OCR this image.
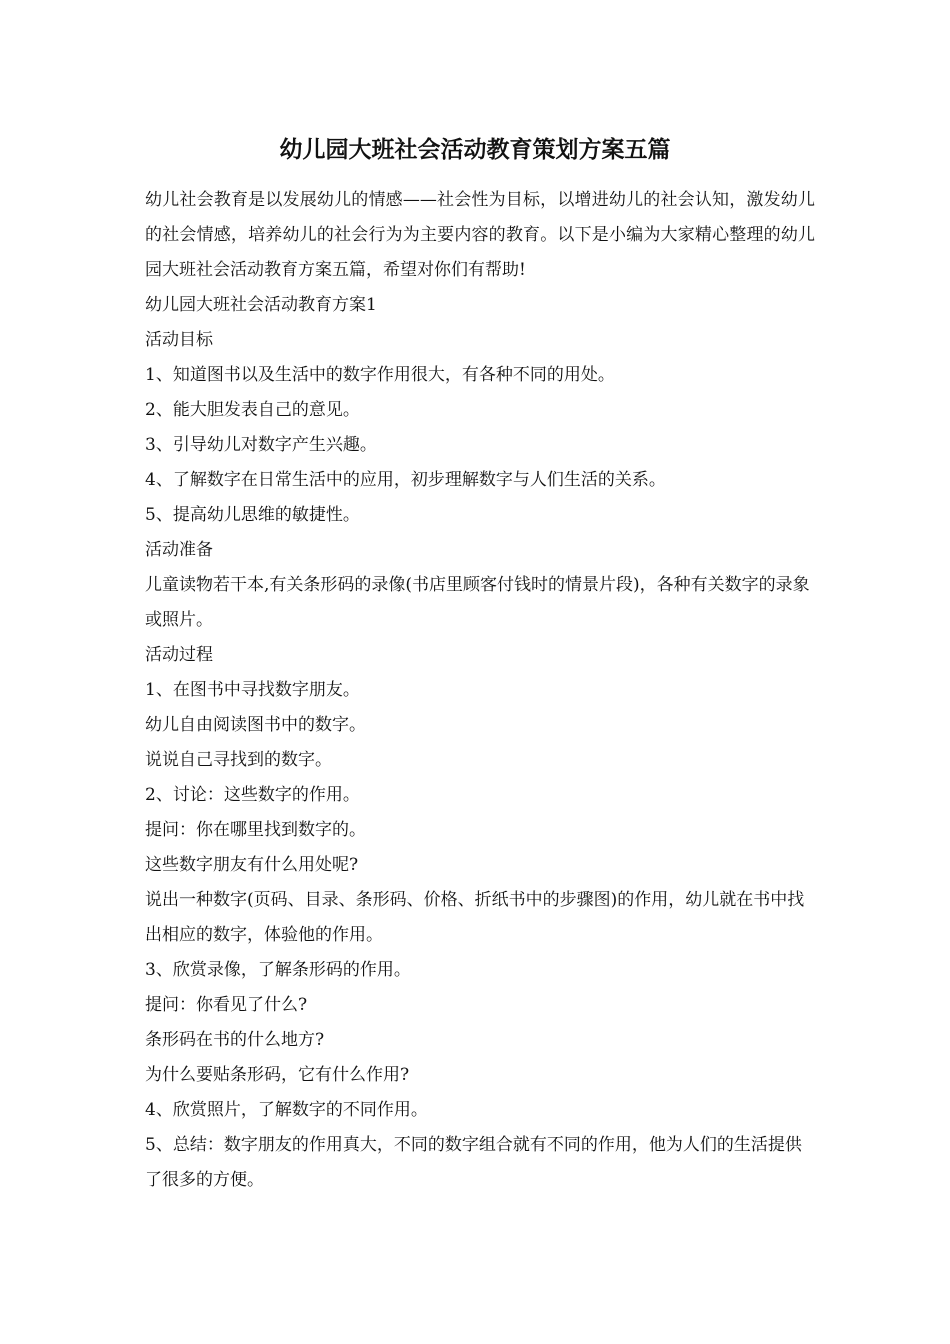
幼儿园大班社会活动教育策划方案五篇

幼儿社会教育是以发展幼儿的情感——社会性为目标，以增进幼儿的社会认知，激发幼儿的社会情感，培养幼儿的社会行为为主要内容的教育。以下是小编为大家精心整理的幼儿园大班社会活动教育方案五篇，希望对你们有帮助!

幼儿园大班社会活动教育方案1

活动目标

1、知道图书以及生活中的数字作用很大，有各种不同的用处。

2、能大胆发表自己的意见。

3、引导幼儿对数字产生兴趣。

4、了解数字在日常生活中的应用，初步理解数字与人们生活的关系。

5、提高幼儿思维的敏捷性。

活动准备

儿童读物若干本,有关条形码的录像(书店里顾客付钱时的情景片段)，各种有关数字的录象或照片。

活动过程

1、在图书中寻找数字朋友。

幼儿自由阅读图书中的数字。

说说自己寻找到的数字。

2、讨论：这些数字的作用。

提问：你在哪里找到数字的。

这些数字朋友有什么用处呢?

说出一种数字(页码、目录、条形码、价格、折纸书中的步骤图)的作用，幼儿就在书中找出相应的数字，体验他的作用。

3、欣赏录像，了解条形码的作用。

提问：你看见了什么?

条形码在书的什么地方?

为什么要贴条形码，它有什么作用?

4、欣赏照片，了解数字的不同作用。

5、总结：数字朋友的作用真大，不同的数字组合就有不同的作用，他为人们的生活提供了很多的方便。
